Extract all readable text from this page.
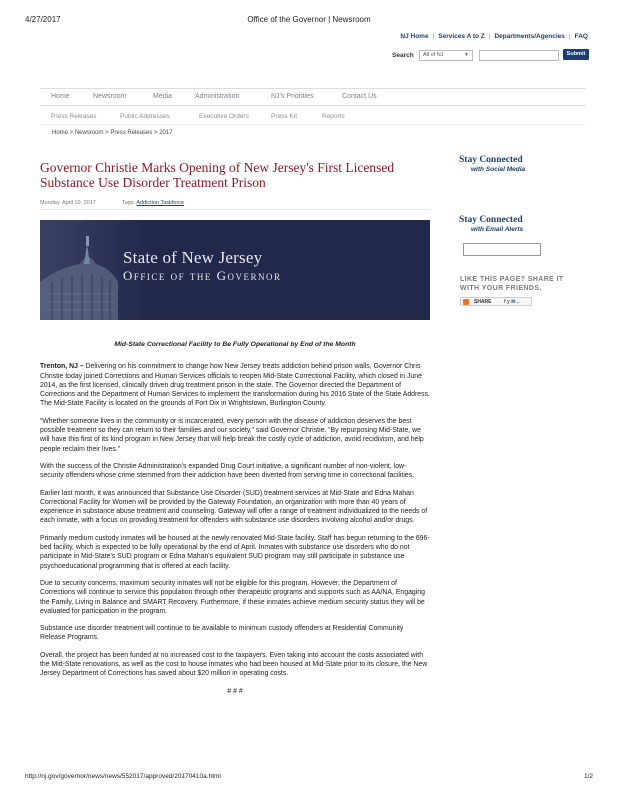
4/27/2017	Office of the Governor | Newsroom
NJ Home | Services A to Z | Departments/Agencies | FAQ
Search	All of NJ	▼	Submit
Home	Newsroom	Media	Administration	NJ's Priorities	Contact Us
Press Releases	Public Addresses	Executive Orders	Press Kit	Reports
Home > Newsroom > Press Releases > 2017
Governor Christie Marks Opening of New Jersey's First Licensed Substance Use Disorder Treatment Prison
Monday, April 10, 2017	Tags: Addiction Taskforce
State of New Jersey
Office of the Governor
Stay Connected
with Social Media
Stay Connected
with Email Alerts
LIKE THIS PAGE? SHARE IT WITH YOUR FRIENDS.
SHARE f y ✉ ..
Mid-State Correctional Facility to Be Fully Operational by End of the Month

Trenton, NJ – Delivering on his commitment to change how New Jersey treats addiction behind prison walls, Governor Chris Christie today joined Corrections and Human Services officials to reopen Mid-State Correctional Facility, which closed in June 2014, as the first licensed, clinically driven drug treatment prison in the state. The Governor directed the Department of Corrections and the Department of Human Services to implement the transformation during his 2016 State of the State Address. The Mid-State Facility is located on the grounds of Fort Dix in Wrightstown, Burlington County.

“Whether someone lives in the community or is incarcerated, every person with the disease of addiction deserves the best possible treatment so they can return to their families and our society,” said Governor Christie. “By repurposing Mid-State, we will have this first of its kind program in New Jersey that will help break the costly cycle of addiction, avoid recidivism, and help people reclaim their lives.”

With the success of the Christie Administration's expanded Drug Court initiative, a significant number of non-violent, low-security offenders whose crime stemmed from their addiction have been diverted from serving time in correctional facilities.

Earlier last month, it was announced that Substance Use Disorder (SUD) treatment services at Mid-State and Edna Mahan Correctional Facility for Women will be provided by the Gateway Foundation, an organization with more than 40 years of experience in substance abuse treatment and counseling. Gateway will offer a range of treatment individualized to the needs of each inmate, with a focus on providing treatment for offenders with substance use disorders involving alcohol and/or drugs.

Primarily medium custody inmates will be housed at the newly renovated Mid-State facility. Staff has begun returning to the 696-bed facility, which is expected to be fully operational by the end of April. Inmates with substance use disorders who do not participate in Mid-State's SUD program or Edna Mahan's equivalent SUD program may still participate in substance use psychoeducational programming that is offered at each facility.

Due to security concerns, maximum security inmates will not be eligible for this program. However, the Department of Corrections will continue to service this population through other therapeutic programs and supports such as AA/NA, Engaging the Family, Living in Balance and SMART Recovery. Furthermore, if these inmates achieve medium security status they will be evaluated for participation in the program.

Substance use disorder treatment will continue to be available to minimum custody offenders at Residential Community Release Programs.

Overall, the project has been funded at no increased cost to the taxpayers. Even taking into account the costs associated with the Mid-State renovations, as well as the cost to house inmates who had been housed at Mid-State prior to its closure, the New Jersey Department of Corrections has saved about $20 million in operating costs.

# # #
http://nj.gov/governor/news/news/552017/approved/20170410a.html	1/2
